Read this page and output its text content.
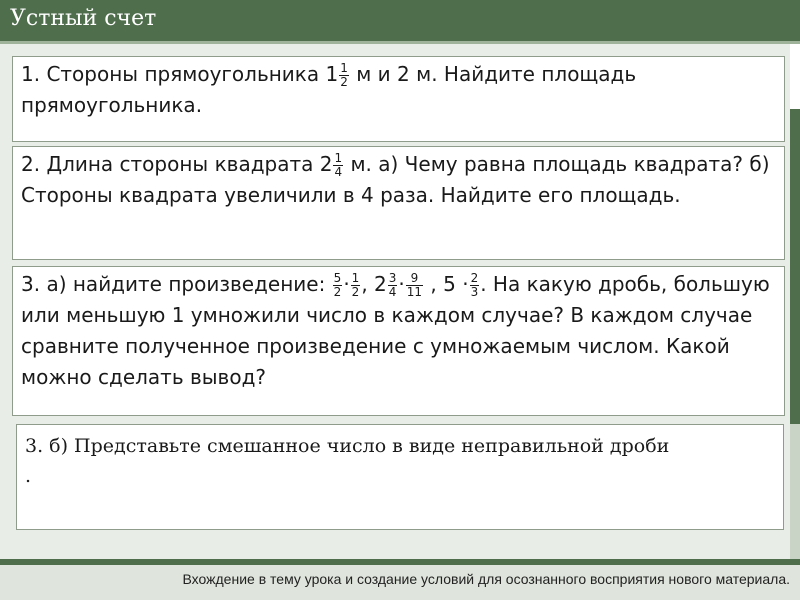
Устный счет
1. Стороны прямоугольника $1 \frac{1}{2}$ м и 2 м. Найдите площадь прямоугольника.
2. Длина стороны квадрата $2 \frac{1}{4} м$. а) Чему равна площадь квадрата? б) Стороны квадрата увеличили в 4 раза. Найдите его площадь.
3. а) найдите произведение: $\frac{5}{2} \cdot \frac{1}{2}$ , $2 \frac{3}{4} \cdot \frac{9}{11}$ , $5 \cdot \frac{2}{3}$ . На какую дробь, большую или меньшую 1 умножили число в каждом случае? В каждом случае сравните полученное произведение с умножаемым числом. Какой можно сделать вывод?
3. б) Представьте смешанное число в виде неправильной дроби
.
Вхождение в тему урока и создание условий для осознанного восприятия нового материала.
